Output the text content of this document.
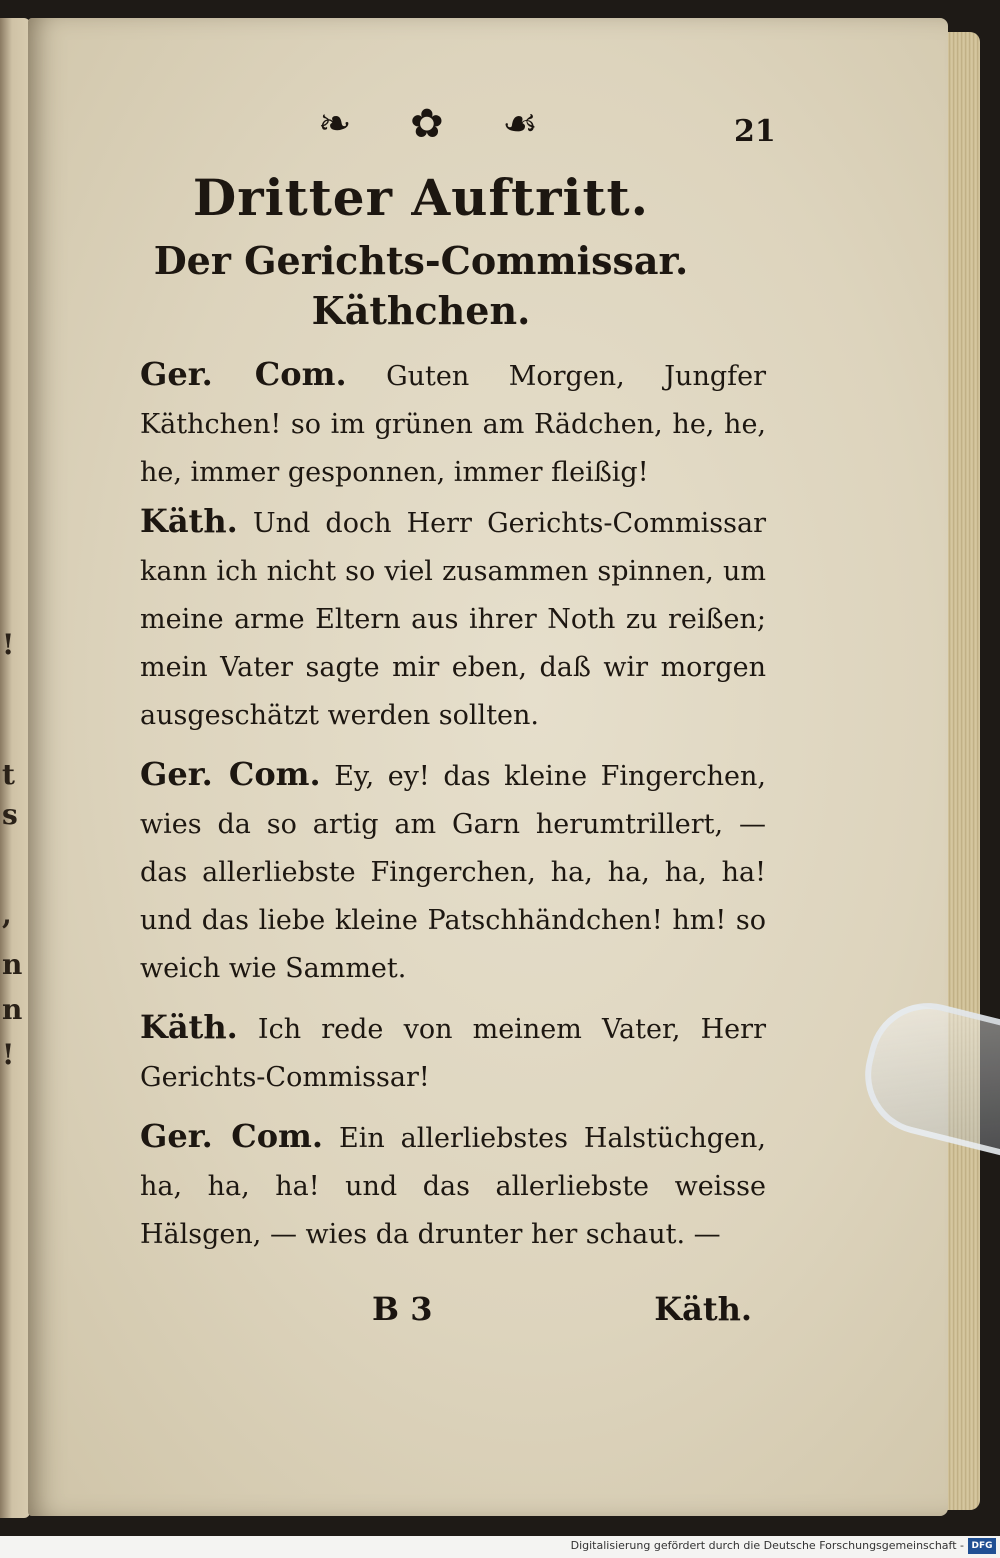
!
t
s
,
n
n
!
❧ ✿ ☙	21

Dritter Auftritt.

Der Gerichts-Commissar. Käthchen.

Ger. Com. Guten Morgen, Jungfer Käthchen! so im grünen am Rädchen, he, he, he, immer gesponnen, immer fleißig!

Käth. Und doch Herr Gerichts-Commissar kann ich nicht so viel zusammen spinnen, um meine arme Eltern aus ihrer Noth zu reißen; mein Vater sagte mir eben, daß wir morgen ausgeschätzt werden sollten.

Ger. Com. Ey, ey! das kleine Fingerchen, wies da so artig am Garn herumtrillert, — das allerliebste Fingerchen, ha, ha, ha, ha! und das liebe kleine Patschhändchen! hm! so weich wie Sammet.

Käth. Ich rede von meinem Vater, Herr Gerichts-Commissar!

Ger. Com. Ein allerliebstes Halstüchgen, ha, ha, ha! und das allerliebste weisse Hälsgen, — wies da drunter her schaut. —

B 3	Käth.
Digitalisierung gefördert durch die Deutsche Forschungsgemeinschaft - DFG
